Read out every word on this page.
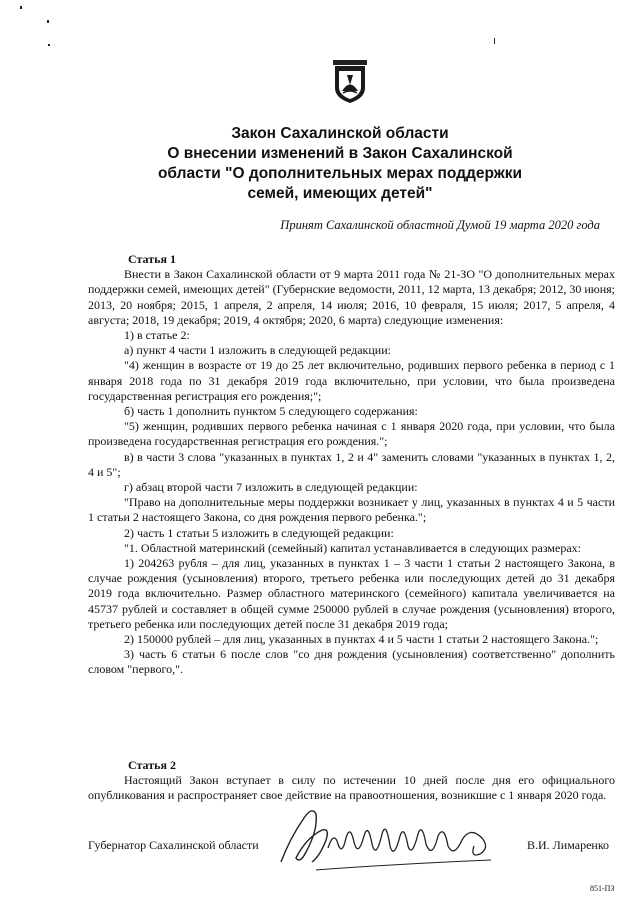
Закон Сахалинской области
О внесении изменений в Закон Сахалинской
области "О дополнительных мерах поддержки
семей, имеющих детей"
Принят Сахалинской областной Думой 19 марта 2020 года

Статья 1

Внести в Закон Сахалинской области от 9 марта 2011 года № 21-ЗО "О дополнительных мерах поддержки семей, имеющих детей" (Губернские ведомости, 2011, 12 марта, 13 декабря; 2012, 30 июня; 2013, 20 ноября; 2015, 1 апреля, 2 апреля, 14 июля; 2016, 10 февраля, 15 июля; 2017, 5 апреля, 4 августа; 2018, 19 декабря; 2019, 4 октября; 2020, 6 марта) следующие изменения:

1) в статье 2:

а) пункт 4 части 1 изложить в следующей редакции:

"4) женщин в возрасте от 19 до 25 лет включительно, родивших первого ребенка в период с 1 января 2018 года по 31 декабря 2019 года включительно, при условии, что была произведена государственная регистрация его рождения;";

б) часть 1 дополнить пунктом 5 следующего содержания:

"5) женщин, родивших первого ребенка начиная с 1 января 2020 года, при условии, что была произведена государственная регистрация его рождения.";

в) в части 3 слова "указанных в пунктах 1, 2 и 4" заменить словами "указанных в пунктах 1, 2, 4 и 5";

г) абзац второй части 7 изложить в следующей редакции:

"Право на дополнительные меры поддержки возникает у лиц, указанных в пунктах 4 и 5 части 1 статьи 2 настоящего Закона, со дня рождения первого ребенка.";

2) часть 1 статьи 5 изложить в следующей редакции:

"1. Областной материнский (семейный) капитал устанавливается в следующих размерах:

1) 204263 рубля – для лиц, указанных в пунктах 1 – 3 части 1 статьи 2 настоящего Закона, в случае рождения (усыновления) второго, третьего ребенка или последующих детей до 31 декабря 2019 года включительно. Размер областного материнского (семейного) капитала увеличивается на 45737 рублей и составляет в общей сумме 250000 рублей в случае рождения (усыновления) второго, третьего ребенка или последующих детей после 31 декабря 2019 года;

2) 150000 рублей – для лиц, указанных в пунктах 4 и 5 части 1 статьи 2 настоящего Закона.";

3) часть 6 статьи 6 после слов "со дня рождения (усыновления) соответственно" дополнить словом "первого,".

Статья 2

Настоящий Закон вступает в силу по истечении 10 дней после дня его официального опубликования и распространяет свое действие на правоотношения, возникшие с 1 января 2020 года.

Губернатор Сахалинской области	В.И. Лимаренко
851-ПЗ
